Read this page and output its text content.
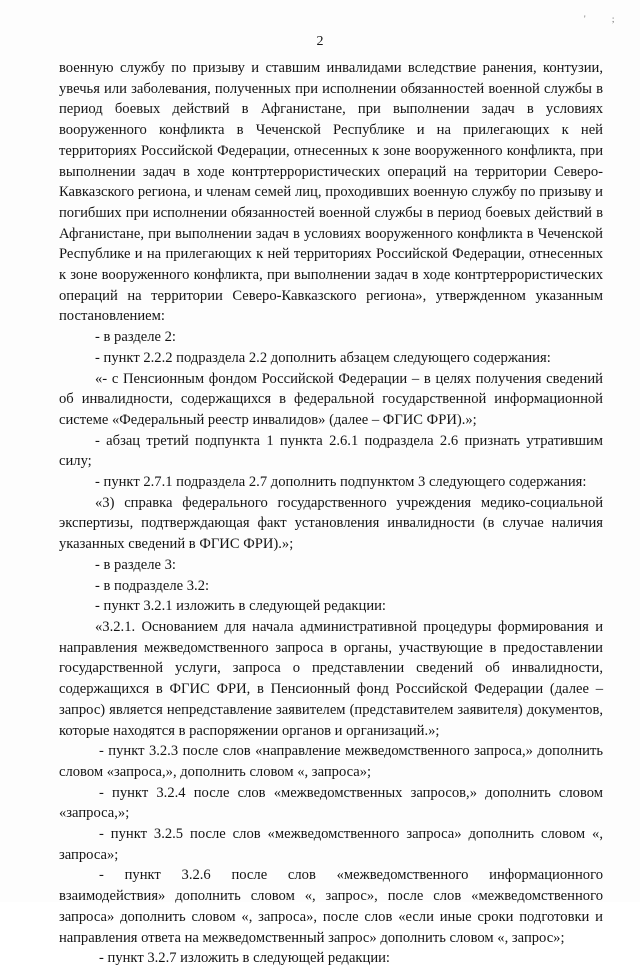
' ;
2

военную службу по призыву и ставшим инвалидами вследствие ранения, контузии, увечья или заболевания, полученных при исполнении обязанностей военной службы в период боевых действий в Афганистане, при выполнении задач в условиях вооруженного конфликта в Чеченской Республике и на прилегающих к ней территориях Российской Федерации, отнесенных к зоне вооруженного конфликта, при выполнении задач в ходе контртеррористических операций на территории Северо-Кавказского региона, и членам семей лиц, проходивших военную службу по призыву и погибших при исполнении обязанностей военной службы в период боевых действий в Афганистане, при выполнении задач в условиях вооруженного конфликта в Чеченской Республике и на прилегающих к ней территориях Российской Федерации, отнесенных к зоне вооруженного конфликта, при выполнении задач в ходе контртеррористических операций на территории Северо-Кавказского региона», утвержденном указанным постановлением:

- в разделе 2:

- пункт 2.2.2 подраздела 2.2 дополнить абзацем следующего содержания:

«- с Пенсионным фондом Российской Федерации – в целях получения сведений об инвалидности, содержащихся в федеральной государственной информационной системе «Федеральный реестр инвалидов» (далее – ФГИС ФРИ).»;

- абзац третий подпункта 1 пункта 2.6.1 подраздела 2.6 признать утратившим силу;

- пункт 2.7.1 подраздела 2.7 дополнить подпунктом 3 следующего содержания:

«3) справка федерального государственного учреждения медико-социальной экспертизы, подтверждающая факт установления инвалидности (в случае наличия указанных сведений в ФГИС ФРИ).»;

- в разделе 3:

- в подразделе 3.2:

- пункт 3.2.1 изложить в следующей редакции:

«3.2.1. Основанием для начала административной процедуры формирования и направления межведомственного запроса в органы, участвующие в предоставлении государственной услуги, запроса о представлении сведений об инвалидности, содержащихся в ФГИС ФРИ, в Пенсионный фонд Российской Федерации (далее – запрос) является непредставление заявителем (представителем заявителя) документов, которые находятся в распоряжении органов и организаций.»;

- пункт 3.2.3 после слов «направление межведомственного запроса,» дополнить словом «запроса,», дополнить словом «, запроса»;

- пункт 3.2.4 после слов «межведомственных запросов,» дополнить словом «запроса,»;

- пункт 3.2.5 после слов «межведомственного запроса» дополнить словом «, запроса»;

- пункт 3.2.6 после слов «межведомственного информационного взаимодействия» дополнить словом «, запрос», после слов «межведомственного запроса» дополнить словом «, запроса», после слов «если иные сроки подготовки и направления ответа на межведомственный запрос» дополнить словом «, запрос»;

- пункт 3.2.7 изложить в следующей редакции:
